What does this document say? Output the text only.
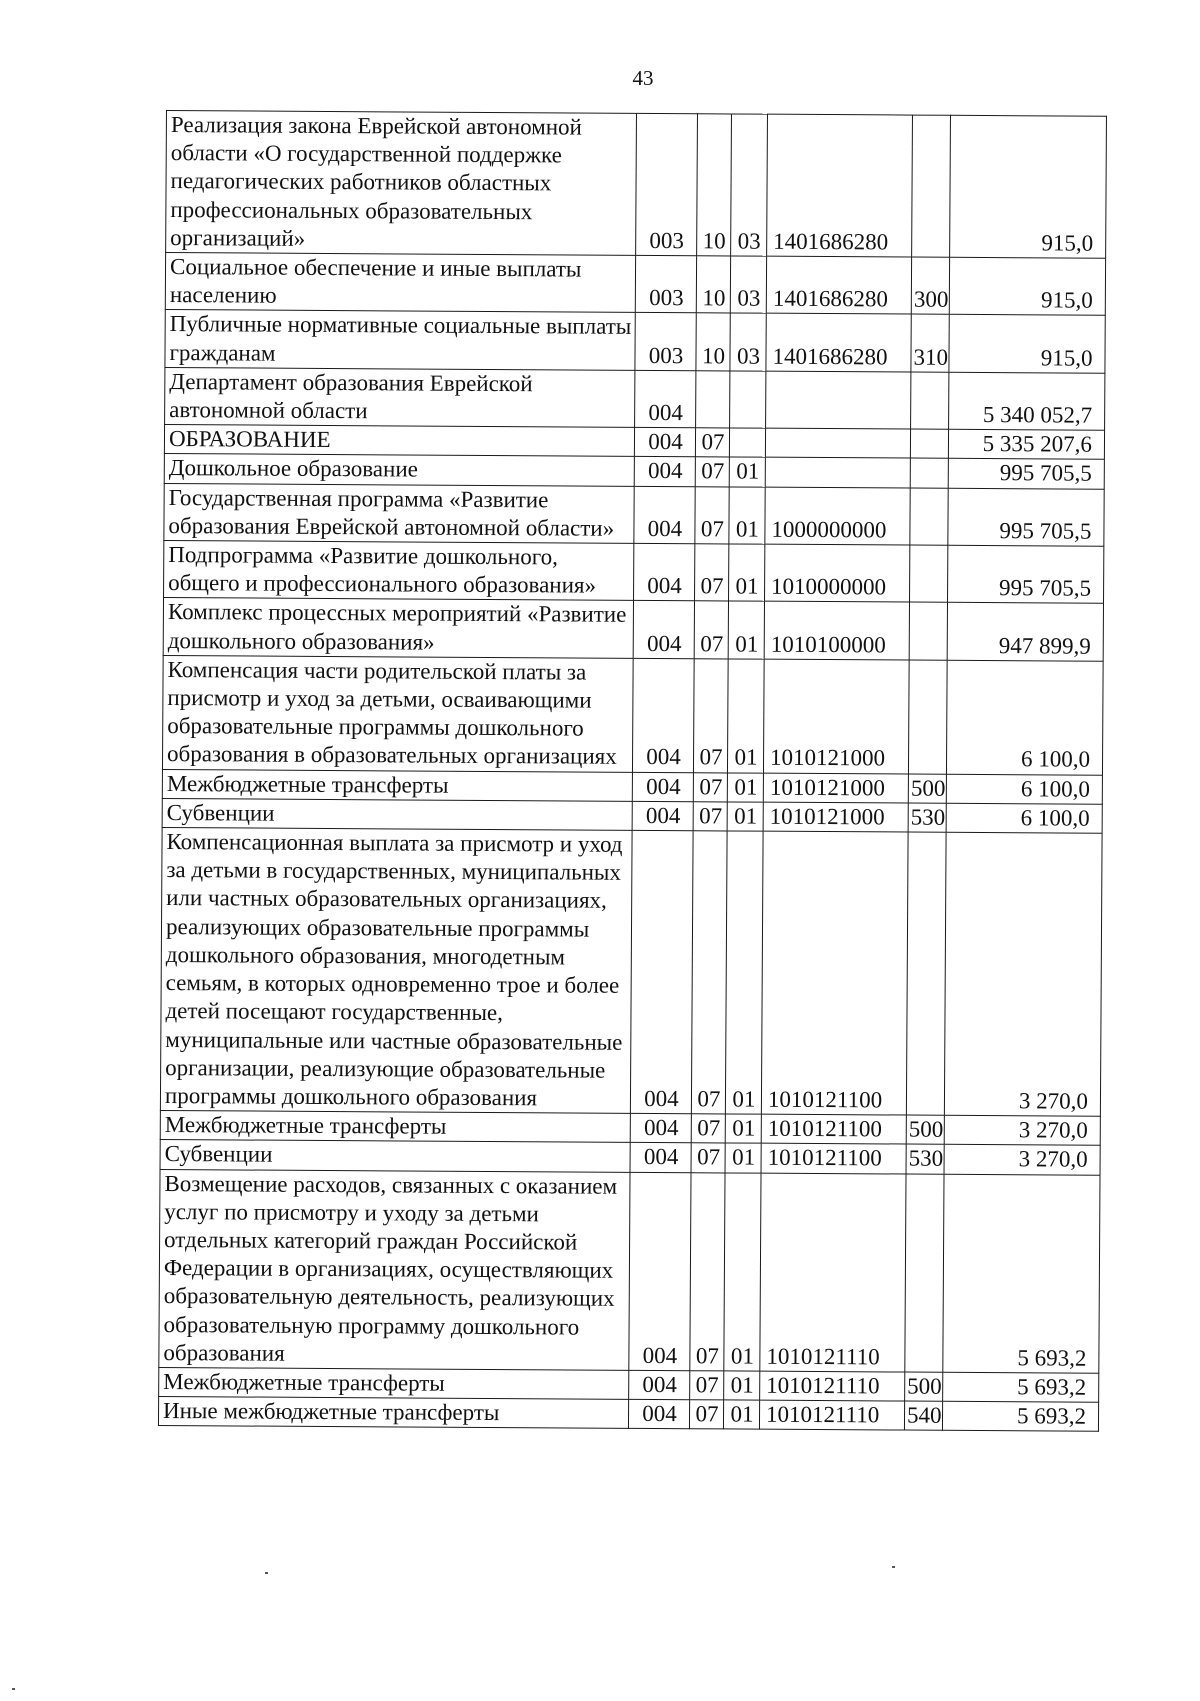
43
Реализация закона Еврейской автономной области «О государственной поддержке педагогических работников областных профессиональных образовательных организаций»	003	10	03	1401686280		915,0
Социальное обеспечение и иные выплаты населению	003	10	03	1401686280	300	915,0
Публичные нормативные социальные выплаты гражданам	003	10	03	1401686280	310	915,0
Департамент образования Еврейской автономной области	004					5 340 052,7
ОБРАЗОВАНИЕ	004	07				5 335 207,6
Дошкольное образование	004	07	01			995 705,5
Государственная программа «Развитие образования Еврейской автономной области»	004	07	01	1000000000		995 705,5
Подпрограмма «Развитие дошкольного, общего и профессионального образования»	004	07	01	1010000000		995 705,5
Комплекс процессных мероприятий «Развитие дошкольного образования»	004	07	01	1010100000		947 899,9
Компенсация части родительской платы за присмотр и уход за детьми, осваивающими образовательные программы дошкольного образования в образовательных организациях	004	07	01	1010121000		6 100,0
Межбюджетные трансферты	004	07	01	1010121000	500	6 100,0
Субвенции	004	07	01	1010121000	530	6 100,0
Компенсационная выплата за присмотр и уход за детьми в государственных, муниципальных или частных образовательных организациях, реализующих образовательные программы дошкольного образования, многодетным семьям, в которых одновременно трое и более детей посещают государственные, муниципальные или частные образовательные организации, реализующие образовательные программы дошкольного образования	004	07	01	1010121100		3 270,0
Межбюджетные трансферты	004	07	01	1010121100	500	3 270,0
Субвенции	004	07	01	1010121100	530	3 270,0
Возмещение расходов, связанных с оказанием услуг по присмотру и уходу за детьми отдельных категорий граждан Российской Федерации в организациях, осуществляющих образовательную деятельность, реализующих образовательную программу дошкольного образования	004	07	01	1010121110		5 693,2
Межбюджетные трансферты	004	07	01	1010121110	500	5 693,2
Иные межбюджетные трансферты	004	07	01	1010121110	540	5 693,2
